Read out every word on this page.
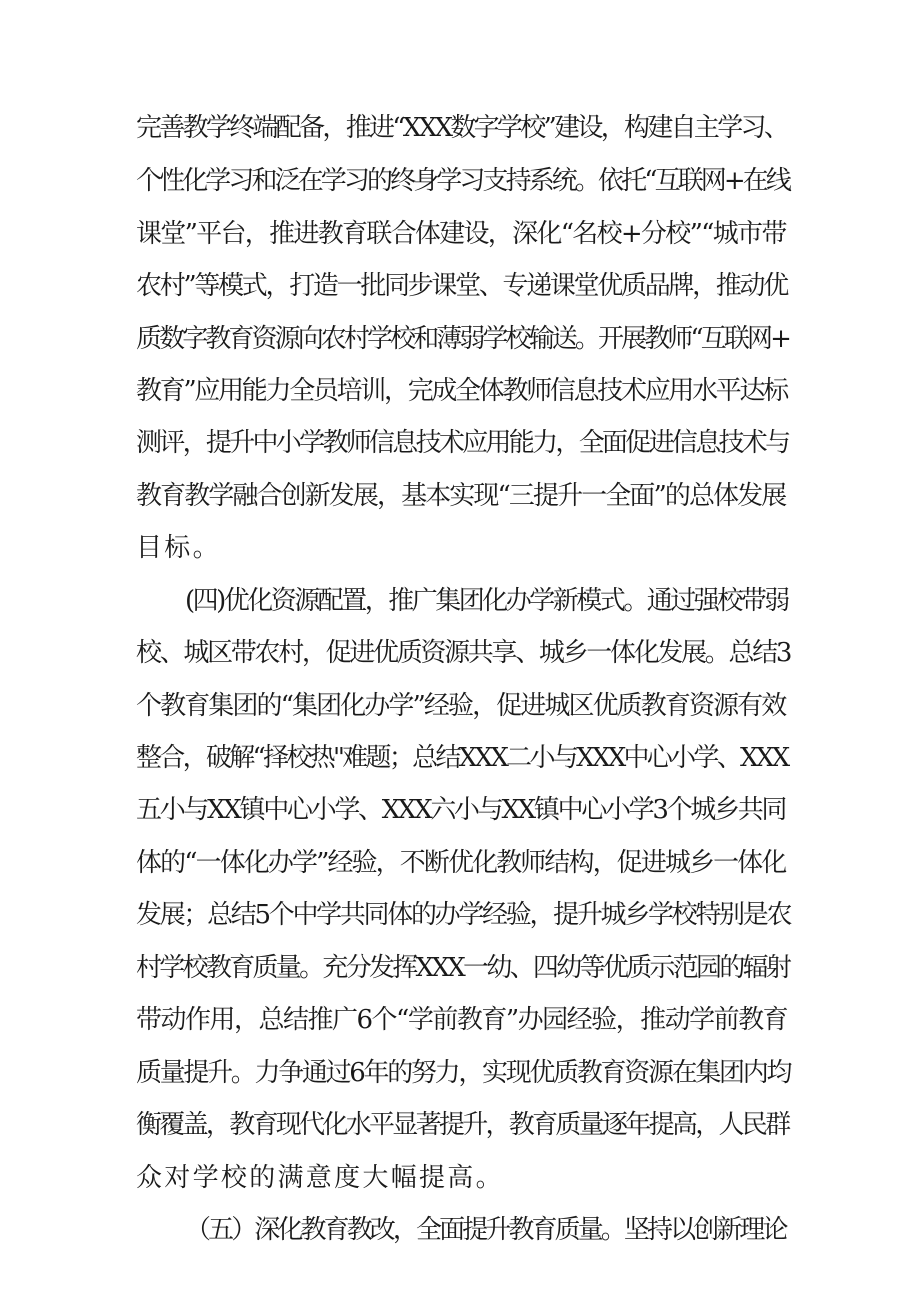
完善教学终端配备，推进“XXX数字学校”建设，构建自主学习、
个性化学习和泛在学习的终身学习支持系统。依托“互联网+在线
课堂”平台，推进教育联合体建设，深化“名校+分校”“城市带
农村”等模式，打造一批同步课堂、专递课堂优质品牌，推动优
质数字教育资源向农村学校和薄弱学校输送。开展教师“互联网+
教育”应用能力全员培训，完成全体教师信息技术应用水平达标
测评，提升中小学教师信息技术应用能力，全面促进信息技术与
教育教学融合创新发展，基本实现“三提升一全面”的总体发展
目标。
(四)优化资源配置，推广集团化办学新模式。通过强校带弱
校、城区带农村，促进优质资源共享、城乡一体化发展。总结3
个教育集团的“集团化办学”经验，促进城区优质教育资源有效
整合，破解“择校热"难题；总结XXX二小与XXX中心小学、XXX
五小与XX镇中心小学、XXX六小与XX镇中心小学3个城乡共同
体的“一体化办学”经验，不断优化教师结构，促进城乡一体化
发展；总结5个中学共同体的办学经验，提升城乡学校特别是农
村学校教育质量。充分发挥XXX一幼、四幼等优质示范园的辐射
带动作用，总结推广6个“学前教育”办园经验，推动学前教育
质量提升。力争通过6年的努力，实现优质教育资源在集团内均
衡覆盖，教育现代化水平显著提升，教育质量逐年提高，人民群
众对学校的满意度大幅提高。
（五）深化教育教改，全面提升教育质量。坚持以创新理论
